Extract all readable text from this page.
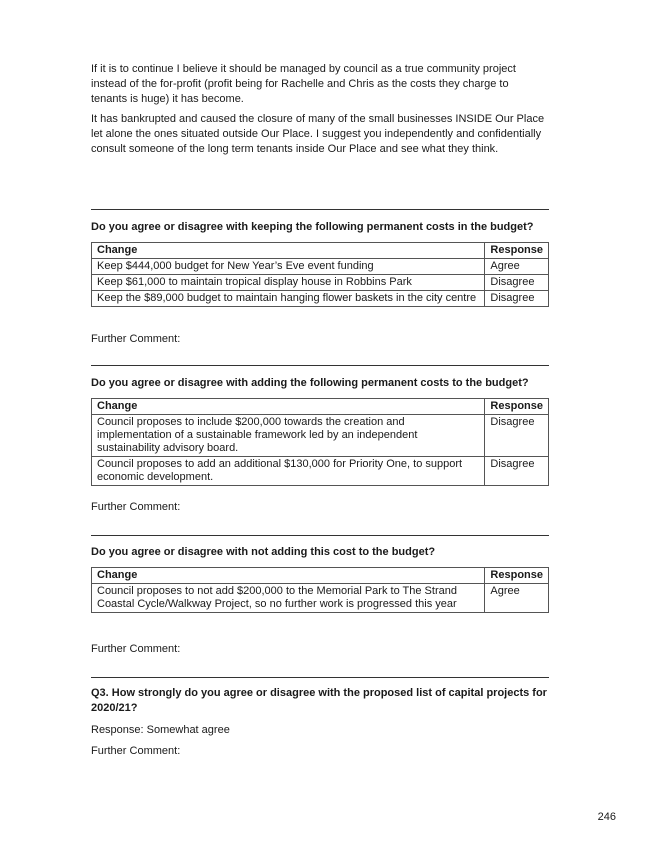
If it is to continue I believe it should be managed by council as a true community project instead of the for-profit (profit being for Rachelle and Chris as the costs they charge to tenants is huge) it has become.

It has bankrupted and caused the closure of many of the small businesses INSIDE Our Place let alone the ones situated outside Our Place. I suggest you independently and confidentially consult someone of the long term tenants inside Our Place and see what they think.

Do you agree or disagree with keeping the following permanent costs in the budget?

Change	Response
Keep $444,000 budget for New Year’s Eve event funding	Agree
Keep $61,000 to maintain tropical display house in Robbins Park	Disagree
Keep the $89,000 budget to maintain hanging flower baskets in the city centre	Disagree

Further Comment:

Do you agree or disagree with adding the following permanent costs to the budget?

Change	Response
Council proposes to include $200,000 towards the creation and implementation of a sustainable framework led by an independent sustainability advisory board.	Disagree
Council proposes to add an additional $130,000 for Priority One, to support economic development.	Disagree

Further Comment:

Do you agree or disagree with not adding this cost to the budget?

Change	Response
Council proposes to not add $200,000 to the Memorial Park to The Strand Coastal Cycle/Walkway Project, so no further work is progressed this year	Agree

Further Comment:

Q3. How strongly do you agree or disagree with the proposed list of capital projects for 2020/21?

Response: Somewhat agree

Further Comment:

246
